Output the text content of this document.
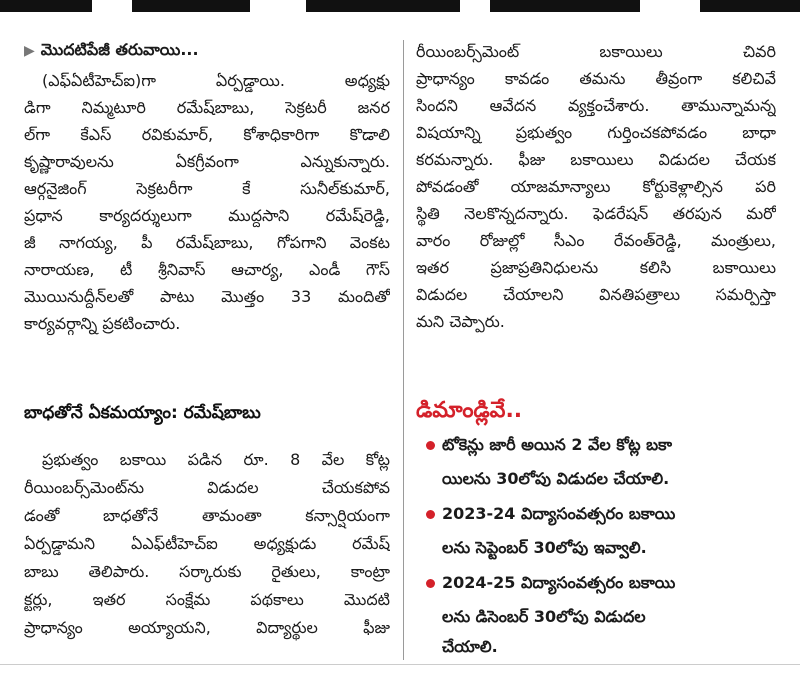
▶ మొదటిపేజీ తరువాయి...
(ఎఫ్ఏటీహెచ్ఐ)గా ఏర్పడ్డాయి. అధ్యక్షు
డిగా నిమ్మటూరి రమేష్‌బాబు, సెక్రటరీ జనర
ల్‌గా కేఎస్ రవికుమార్, కోశాధికారిగా కొడాలి
కృష్ణారావులను ఏకగ్రీవంగా ఎన్నుకున్నారు.
ఆర్గనైజింగ్ సెక్రటరీగా కే సునీల్‌కుమార్,
ప్రధాన కార్యదర్శులుగా ముద్దసాని రమేష్‌రెడ్డి,
జీ నాగయ్య, పీ రమేష్‌బాబు, గోపగాని వెంకట
నారాయణ, టీ శ్రీనివాస్ ఆచార్య, ఎండీ గౌస్
మొయినుద్దీన్‌లతో పాటు మొత్తం 33 మందితో
కార్యవర్గాన్ని ప్రకటించారు.
బాధతోనే ఏకమయ్యాం: రమేష్‌బాబు
ప్రభుత్వం బకాయి పడిన రూ. 8 వేల కోట్ల
రీయింబర్స్‌మెంట్‌ను విడుదల చేయకపోవ
డంతో బాధతోనే తామంతా కన్సార్షియంగా
ఏర్పడ్డామని ఏఎఫ్‌టీహెచ్ఐ అధ్యక్షుడు రమేష్
బాబు తెలిపారు. సర్కారుకు రైతులు, కాంట్రా
క్టర్లు, ఇతర సంక్షేమ పథకాలు మొదటి
ప్రాధాన్యం అయ్యాయని, విద్యార్థుల ఫీజు
రీయింబర్స్‌మెంట్ బకాయిలు చివరి
ప్రాధాన్యం కావడం తమను తీవ్రంగా కలిచివే
సిందని ఆవేదన వ్యక్తంచేశారు. తామున్నామన్న
విషయాన్ని ప్రభుత్వం గుర్తించకపోవడం బాధా
కరమన్నారు. ఫీజు బకాయిలు విడుదల చేయక
పోవడంతో యాజమాన్యాలు కోర్టుకెళ్లాల్సిన పరి
స్థితి నెలకొన్నదన్నారు. ఫెడరేషన్ తరపున మరో
వారం రోజుల్లో సీఎం రేవంత్‌రెడ్డి, మంత్రులు,
ఇతర ప్రజాప్రతినిధులను కలిసి బకాయిలు
విడుదల చేయాలని వినతిపత్రాలు సమర్పిస్తా
మని చెప్పారు.
డిమాండ్లివే..
టోకెన్లు జారీ అయిన 2 వేల కోట్ల బకా
యిలను 30లోపు విడుదల చేయాలి.
2023-24 విద్యాసంవత్సరం బకాయి
లను సెప్టెంబర్ 30లోపు ఇవ్వాలి.
2024-25 విద్యాసంవత్సరం బకాయి
లను డిసెంబర్ 30లోపు విడుదల
చేయాలి.
